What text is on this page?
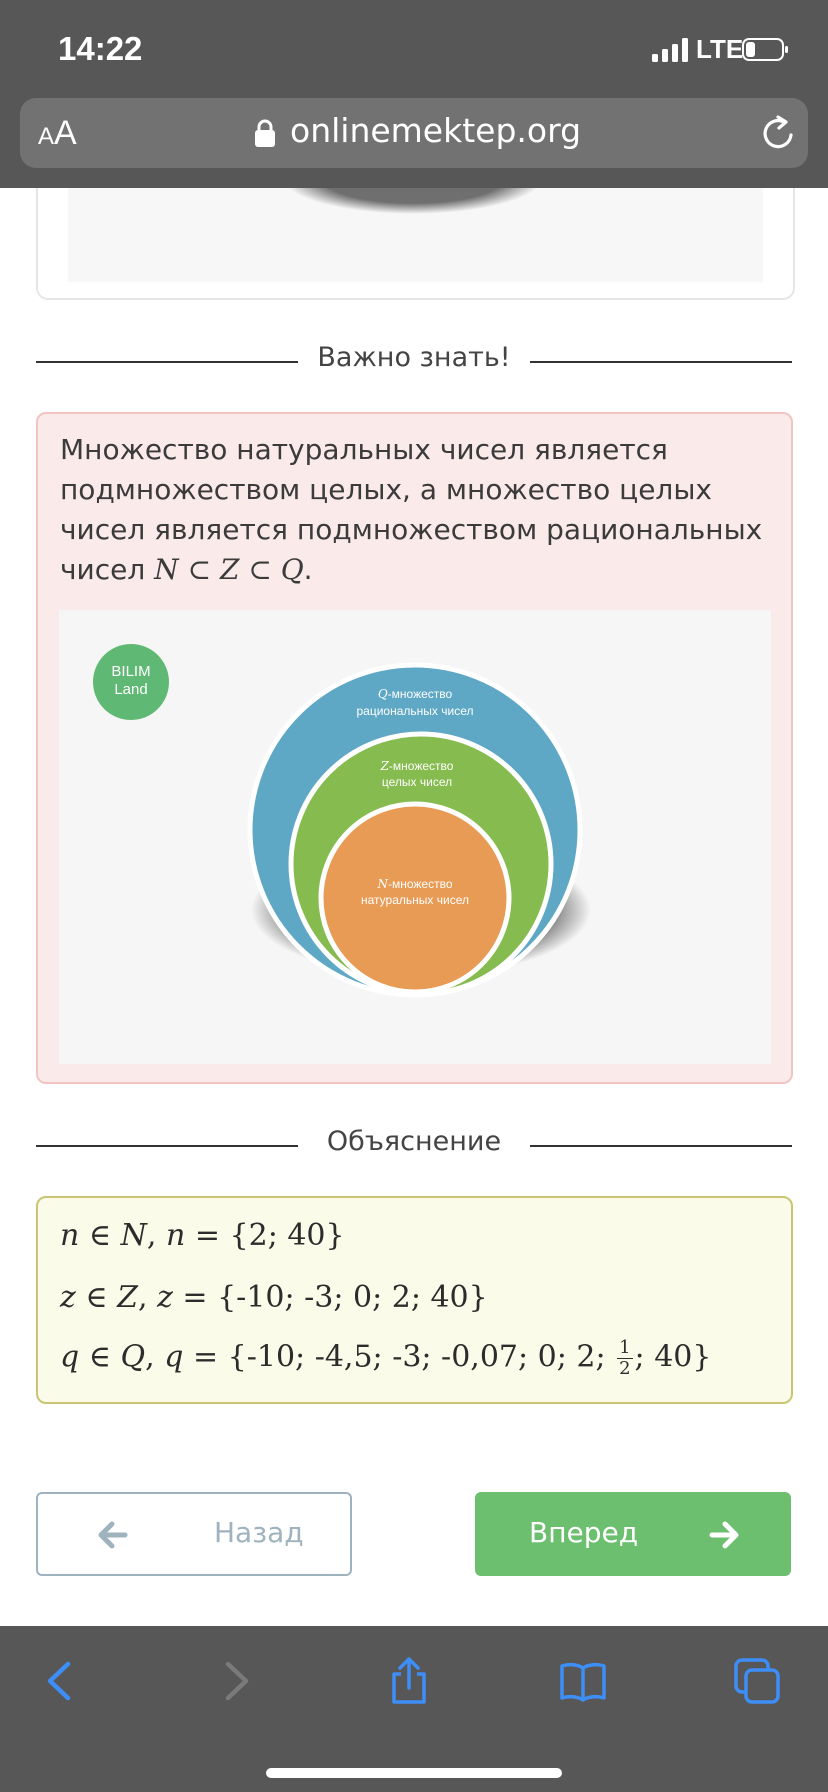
14:22	LTE
AA	onlinemektep.org
Важно знать!
Множество натуральных чисел является подмножеством целых, а множество целых чисел является подмножеством рациональных чисел N ⊂ Z ⊂ Q.
BILIM
Land	Q-множество
рациональных чисел
Z-множество
целых чисел
N-множество
натуральных чисел
Объяснение
n ∈ N, n = {2; 40}
z ∈ Z, z = {-10; -3; 0; 2; 40}
q ∈ Q, q = {-10; -4,5; -3; -0,07; 0; 2; $\frac{1}{2}$ ; 40}
Назад	Вперед
